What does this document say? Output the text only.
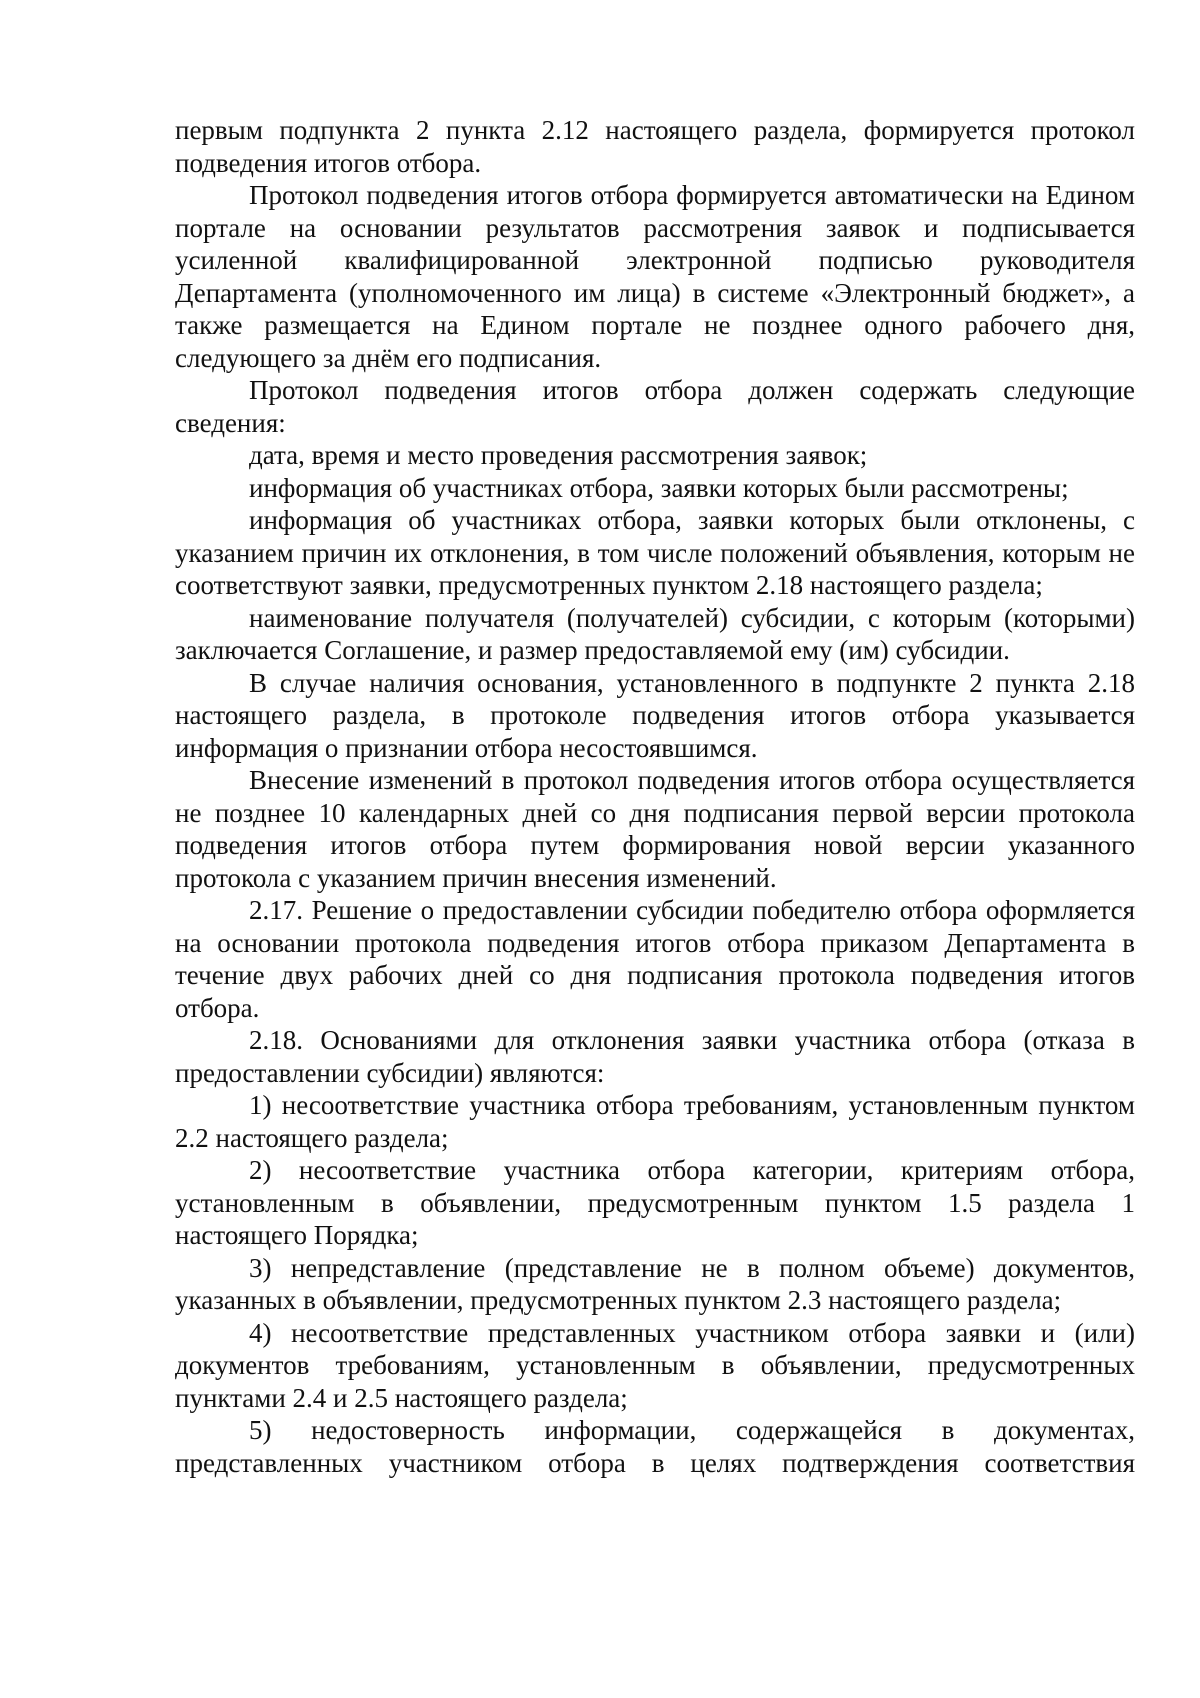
первым подпункта 2 пункта 2.12 настоящего раздела, формируется протокол подведения итогов отбора.

Протокол подведения итогов отбора формируется автоматически на Едином портале на основании результатов рассмотрения заявок и подписывается усиленной квалифицированной электронной подписью руководителя Департамента (уполномоченного им лица) в системе «Электронный бюджет», а также размещается на Едином портале не позднее одного рабочего дня, следующего за днём его подписания.

Протокол подведения итогов отбора должен содержать следующие сведения:

дата, время и место проведения рассмотрения заявок;

информация об участниках отбора, заявки которых были рассмотрены;

информация об участниках отбора, заявки которых были отклонены, с указанием причин их отклонения, в том числе положений объявления, которым не соответствуют заявки, предусмотренных пунктом 2.18 настоящего раздела;

наименование получателя (получателей) субсидии, с которым (которыми) заключается Соглашение, и размер предоставляемой ему (им) субсидии.

В случае наличия основания, установленного в подпункте 2 пункта 2.18 настоящего раздела, в протоколе подведения итогов отбора указывается информация о признании отбора несостоявшимся.

Внесение изменений в протокол подведения итогов отбора осуществляется не позднее 10 календарных дней со дня подписания первой версии протокола подведения итогов отбора путем формирования новой версии указанного протокола с указанием причин внесения изменений.

2.17. Решение о предоставлении субсидии победителю отбора оформляется на основании протокола подведения итогов отбора приказом Департамента в течение двух рабочих дней со дня подписания протокола подведения итогов отбора.

2.18. Основаниями для отклонения заявки участника отбора (отказа в предоставлении субсидии) являются:

1) несоответствие участника отбора требованиям, установленным пунктом 2.2 настоящего раздела;

2) несоответствие участника отбора категории, критериям отбора, установленным в объявлении, предусмотренным пунктом 1.5 раздела 1 настоящего Порядка;

3) непредставление (представление не в полном объеме) документов, указанных в объявлении, предусмотренных пунктом 2.3 настоящего раздела;

4) несоответствие представленных участником отбора заявки и (или) документов требованиям, установленным в объявлении, предусмотренных пунктами 2.4 и 2.5 настоящего раздела;

5) недостоверность информации, содержащейся в документах, представленных участником отбора в целях подтверждения соответствия
